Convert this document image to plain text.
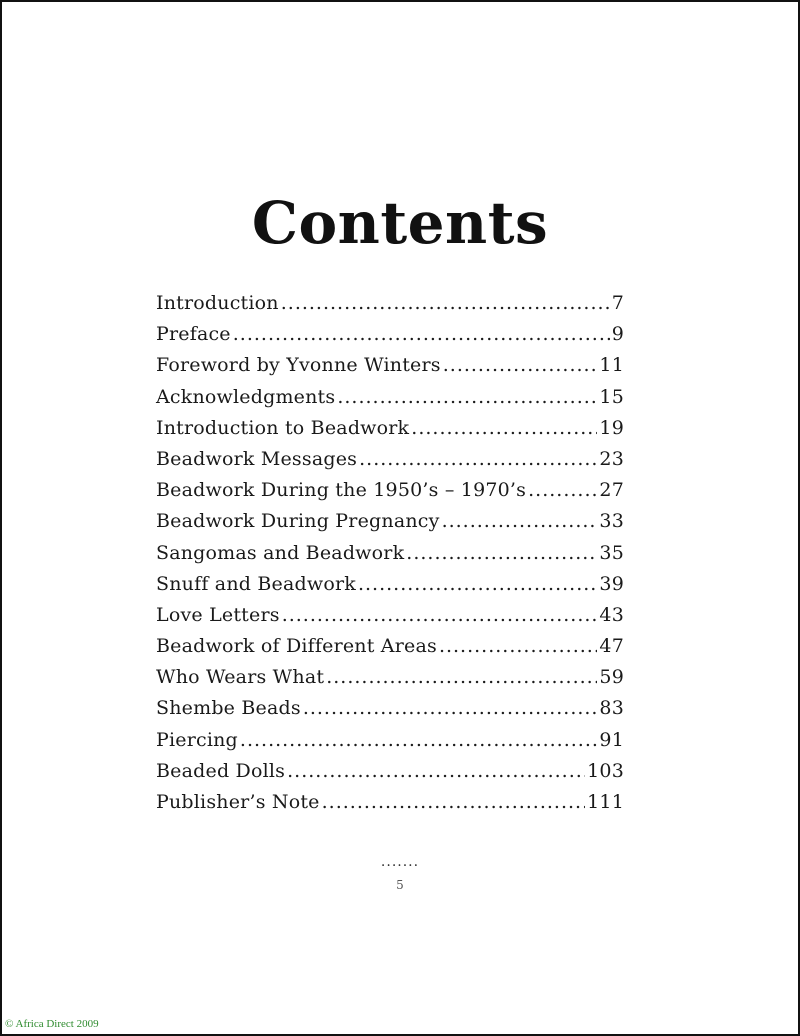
Contents
Introduction .....	7
Preface .....	9
Foreword by Yvonne Winters .....	11
Acknowledgments .....	15
Introduction to Beadwork .....	19
Beadwork Messages .....	23
Beadwork During the 1950’s – 1970’s .....	27
Beadwork During Pregnancy .....	33
Sangomas and Beadwork .....	35
Snuff and Beadwork .....	39
Love Letters .....	43
Beadwork of Different Areas .....	47
Who Wears What .....	59
Shembe Beads .....	83
Piercing .....	91
Beaded Dolls .....	103
Publisher’s Note .....	111
.......
5
© Africa Direct 2009
